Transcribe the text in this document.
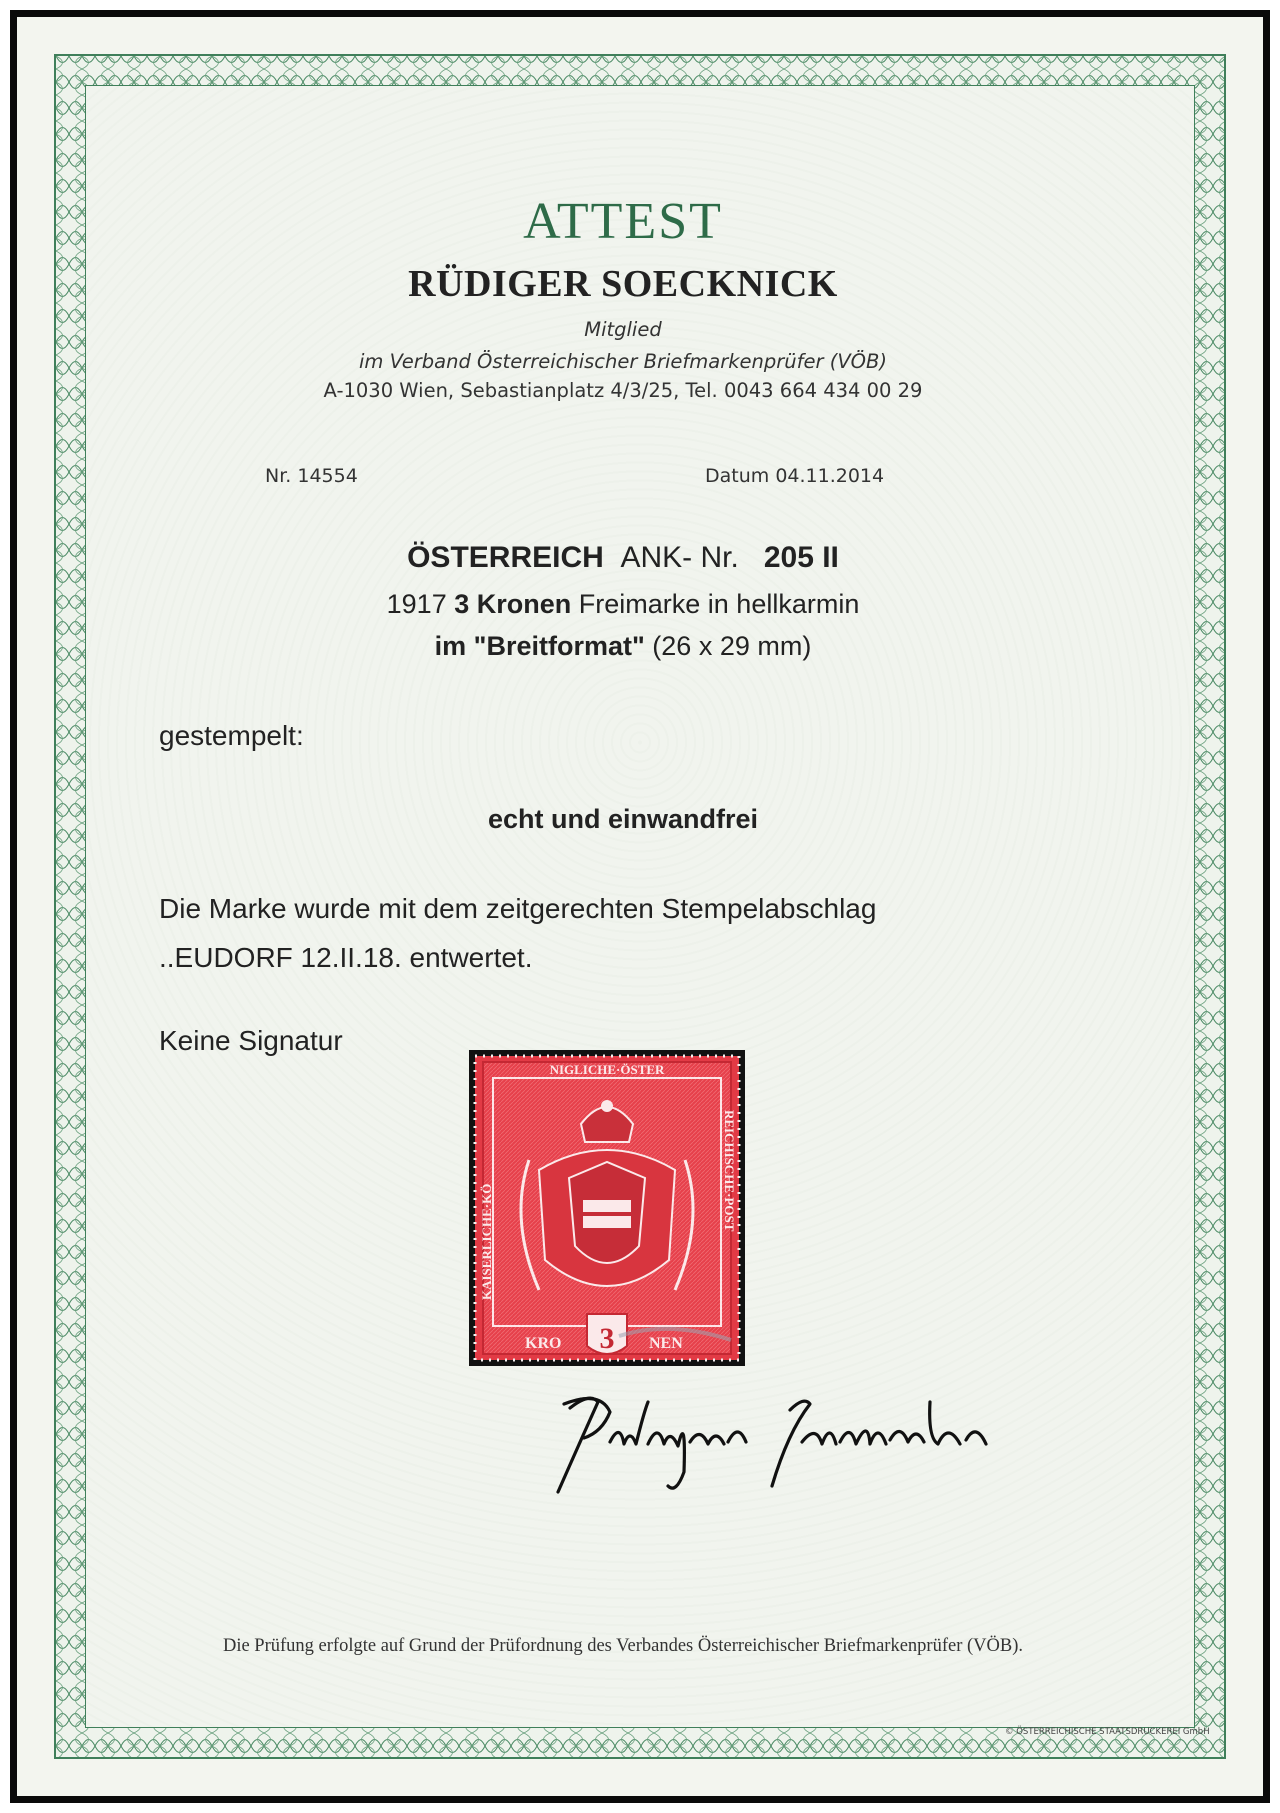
ATTEST
RÜDIGER SOECKNICK
Mitglied
im Verband Österreichischer Briefmarkenprüfer (VÖB)
A-1030 Wien, Sebastianplatz 4/3/25, Tel. 0043 664 434 00 29
Nr. 14554	Datum 04.11.2014
ÖSTERREICH ANK- Nr. 205 II
1917 3 Kronen Freimarke in hellkarmin
im "Breitformat" (26 x 29 mm)
gestempelt:
echt und einwandfrei
Die Marke wurde mit dem zeitgerechten Stempelabschlag
..EUDORF 12.II.18. entwertet.
Keine Signatur
NIGLICHE·ÖSTER
KAISERLICHE·KÖ
REICHISCHE·POST
KRO	NEN
3
Die Prüfung erfolgte auf Grund der Prüfordnung des Verbandes Österreichischer Briefmarkenprüfer (VÖB).
© ÖSTERREICHISCHE STAATSDRUCKEREI GmbH
